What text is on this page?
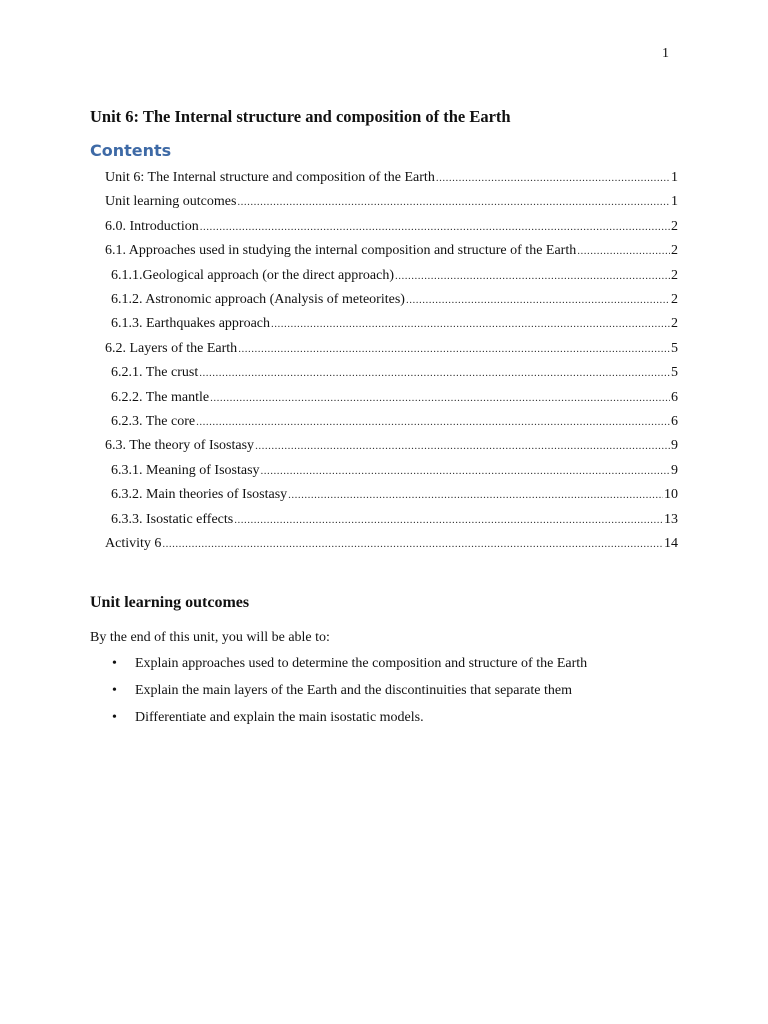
1
Unit 6: The Internal structure and composition of the Earth
Contents
Unit 6: The Internal structure and composition of the Earth .....	1
Unit learning outcomes .....	1
6.0. Introduction .....	2
6.1. Approaches used in studying the internal composition and structure of the Earth .....	2
6.1.1.Geological approach (or the direct approach) .....	2
6.1.2. Astronomic approach (Analysis of meteorites) .....	2
6.1.3. Earthquakes approach .....	2
6.2. Layers of the Earth .....	5
6.2.1. The crust .....	5
6.2.2. The mantle .....	6
6.2.3. The core .....	6
6.3. The theory of Isostasy .....	9
6.3.1. Meaning of Isostasy .....	9
6.3.2. Main theories of Isostasy .....	10
6.3.3. Isostatic effects .....	13
Activity 6 .....	14
Unit learning outcomes

By the end of this unit, you will be able to:

• Explain approaches used to determine the composition and structure of the Earth
• Explain the main layers of the Earth and the discontinuities that separate them
• Differentiate and explain the main isostatic models.
